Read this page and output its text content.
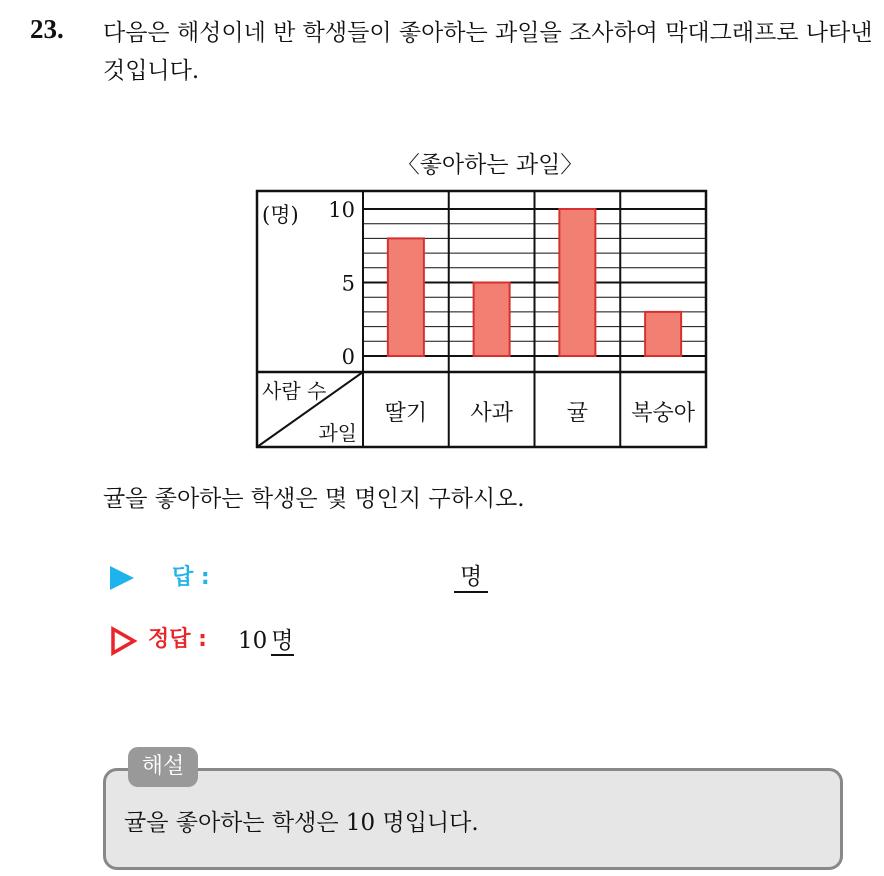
23. 다음은 해성이네 반 학생들이 좋아하는 과일을 조사하여 막대그래프로 나타낸 것입니다.
〈좋아하는 과일〉
(명)
0
5
10
딸기 사과 귤 복숭아
사람 수
과일
귤을 좋아하는 학생은 몇 명인지 구하시오.
답 :	명
정답 : 10 명
해설
귤을 좋아하는 학생은 10 명입니다.
